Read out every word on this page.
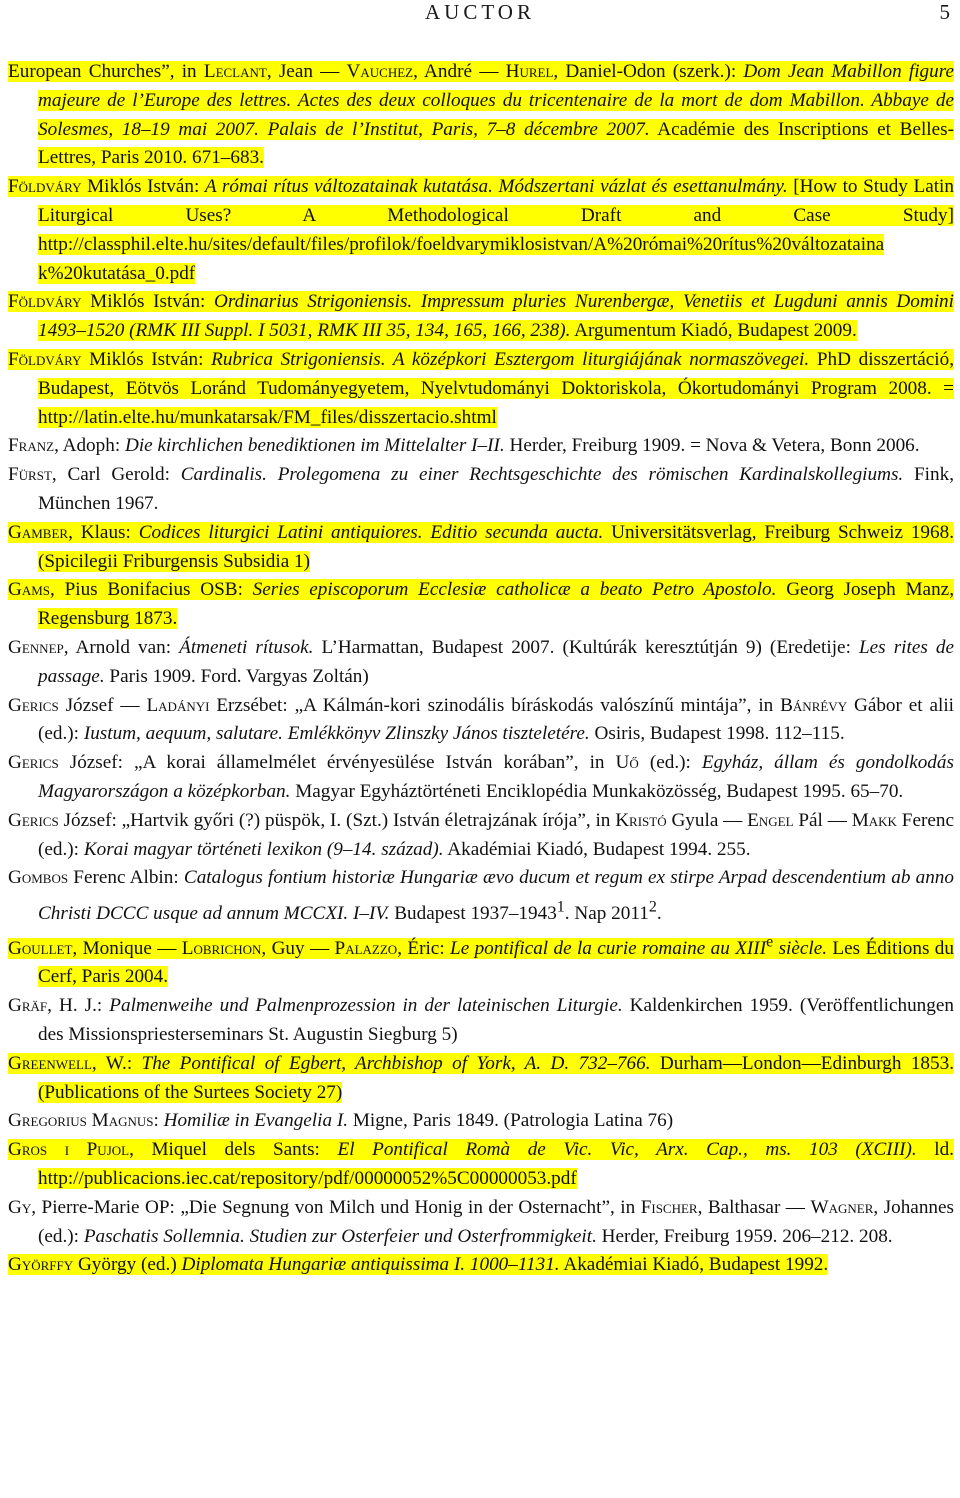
AUCTOR	5

European Churches”, in Leclant, Jean — Vauchez, André — Hurel, Daniel-Odon (szerk.): Dom Jean Mabillon figure majeure de l’Europe des lettres. Actes des deux colloques du tricentenaire de la mort de dom Mabillon. Abbaye de Solesmes, 18–19 mai 2007. Palais de l’Institut, Paris, 7–8 décembre 2007. Académie des Inscriptions et Belles-Lettres, Paris 2010. 671–683.

Földváry Miklós István: A római rítus változatainak kutatása. Módszertani vázlat és esettanulmány. [How to Study Latin Liturgical Uses? A Methodological Draft and Case Study] http://classphil.elte.hu/sites/default/files/profilok/foeldvarymiklosistvan/A%20római%20rítus%20változataina k%20kutatása_0.pdf

Földváry Miklós István: Ordinarius Strigoniensis. Impressum pluries Nurenbergæ, Venetiis et Lugduni annis Domini 1493–1520 (RMK III Suppl. I 5031, RMK III 35, 134, 165, 166, 238). Argumentum Kiadó, Budapest 2009.

Földváry Miklós István: Rubrica Strigoniensis. A középkori Esztergom liturgiájának normaszövegei. PhD disszertáció, Budapest, Eötvös Loránd Tudományegyetem, Nyelvtudományi Doktoriskola, Ókortudományi Program 2008. = http://latin.elte.hu/munkatarsak/FM_files/disszertacio.shtml

Franz, Adoph: Die kirchlichen benediktionen im Mittelalter I–II. Herder, Freiburg 1909. = Nova & Vetera, Bonn 2006.

Fürst, Carl Gerold: Cardinalis. Prolegomena zu einer Rechtsgeschichte des römischen Kardinalskollegiums. Fink, München 1967.

Gamber, Klaus: Codices liturgici Latini antiquiores. Editio secunda aucta. Universitätsverlag, Freiburg Schweiz 1968. (Spicilegii Friburgensis Subsidia 1)

Gams, Pius Bonifacius OSB: Series episcoporum Ecclesiæ catholicæ a beato Petro Apostolo. Georg Joseph Manz, Regensburg 1873.

Gennep, Arnold van: Átmeneti rítusok. L’Harmattan, Budapest 2007. (Kultúrák keresztútján 9) (Eredetije: Les rites de passage. Paris 1909. Ford. Vargyas Zoltán)

Gerics József — Ladányi Erzsébet: „A Kálmán-kori szinodális bíráskodás valószínű mintája”, in Bánrévy Gábor et alii (ed.): Iustum, aequum, salutare. Emlékkönyv Zlinszky János tiszteletére. Osiris, Budapest 1998. 112–115.

Gerics József: „A korai államelmélet érvényesülése István korában”, in Uő (ed.): Egyház, állam és gondolkodás Magyarországon a középkorban. Magyar Egyháztörténeti Enciklopédia Munkaközösség, Budapest 1995. 65–70.

Gerics József: „Hartvik győri (?) püspök, I. (Szt.) István életrajzának írója”, in Kristó Gyula — Engel Pál — Makk Ferenc (ed.): Korai magyar történeti lexikon (9–14. század). Akadémiai Kiadó, Budapest 1994. 255.

Gombos Ferenc Albin: Catalogus fontium historiæ Hungariæ ævo ducum et regum ex stirpe Arpad descendentium ab anno Christi DCCC usque ad annum MCCXI. I–IV. Budapest 1937–1943$^1$. Nap 2011$^2$.

Goullet, Monique — Lobrichon, Guy — Palazzo, Éric: Le pontifical de la curie romaine au XIIIe siècle. Les Éditions du Cerf, Paris 2004.

Gräf, H. J.: Palmenweihe und Palmenprozession in der lateinischen Liturgie. Kaldenkirchen 1959. (Veröffentlichungen des Missionspriesterseminars St. Augustin Siegburg 5)

Greenwell, W.: The Pontifical of Egbert, Archbishop of York, A. D. 732–766. Durham—London—Edinburgh 1853. (Publications of the Surtees Society 27)

Gregorius Magnus: Homiliæ in Evangelia I. Migne, Paris 1849. (Patrologia Latina 76)

Gros i Pujol, Miquel dels Sants: El Pontifical Romà de Vic. Vic, Arx. Cap., ms. 103 (XCIII). ld. http://publicacions.iec.cat/repository/pdf/00000052%5C00000053.pdf

Gy, Pierre-Marie OP: „Die Segnung von Milch und Honig in der Osternacht”, in Fischer, Balthasar — Wagner, Johannes (ed.): Paschatis Sollemnia. Studien zur Osterfeier und Osterfrommigkeit. Herder, Freiburg 1959. 206–212. 208.

Györffy György (ed.) Diplomata Hungariæ antiquissima I. 1000–1131. Akadémiai Kiadó, Budapest 1992.
